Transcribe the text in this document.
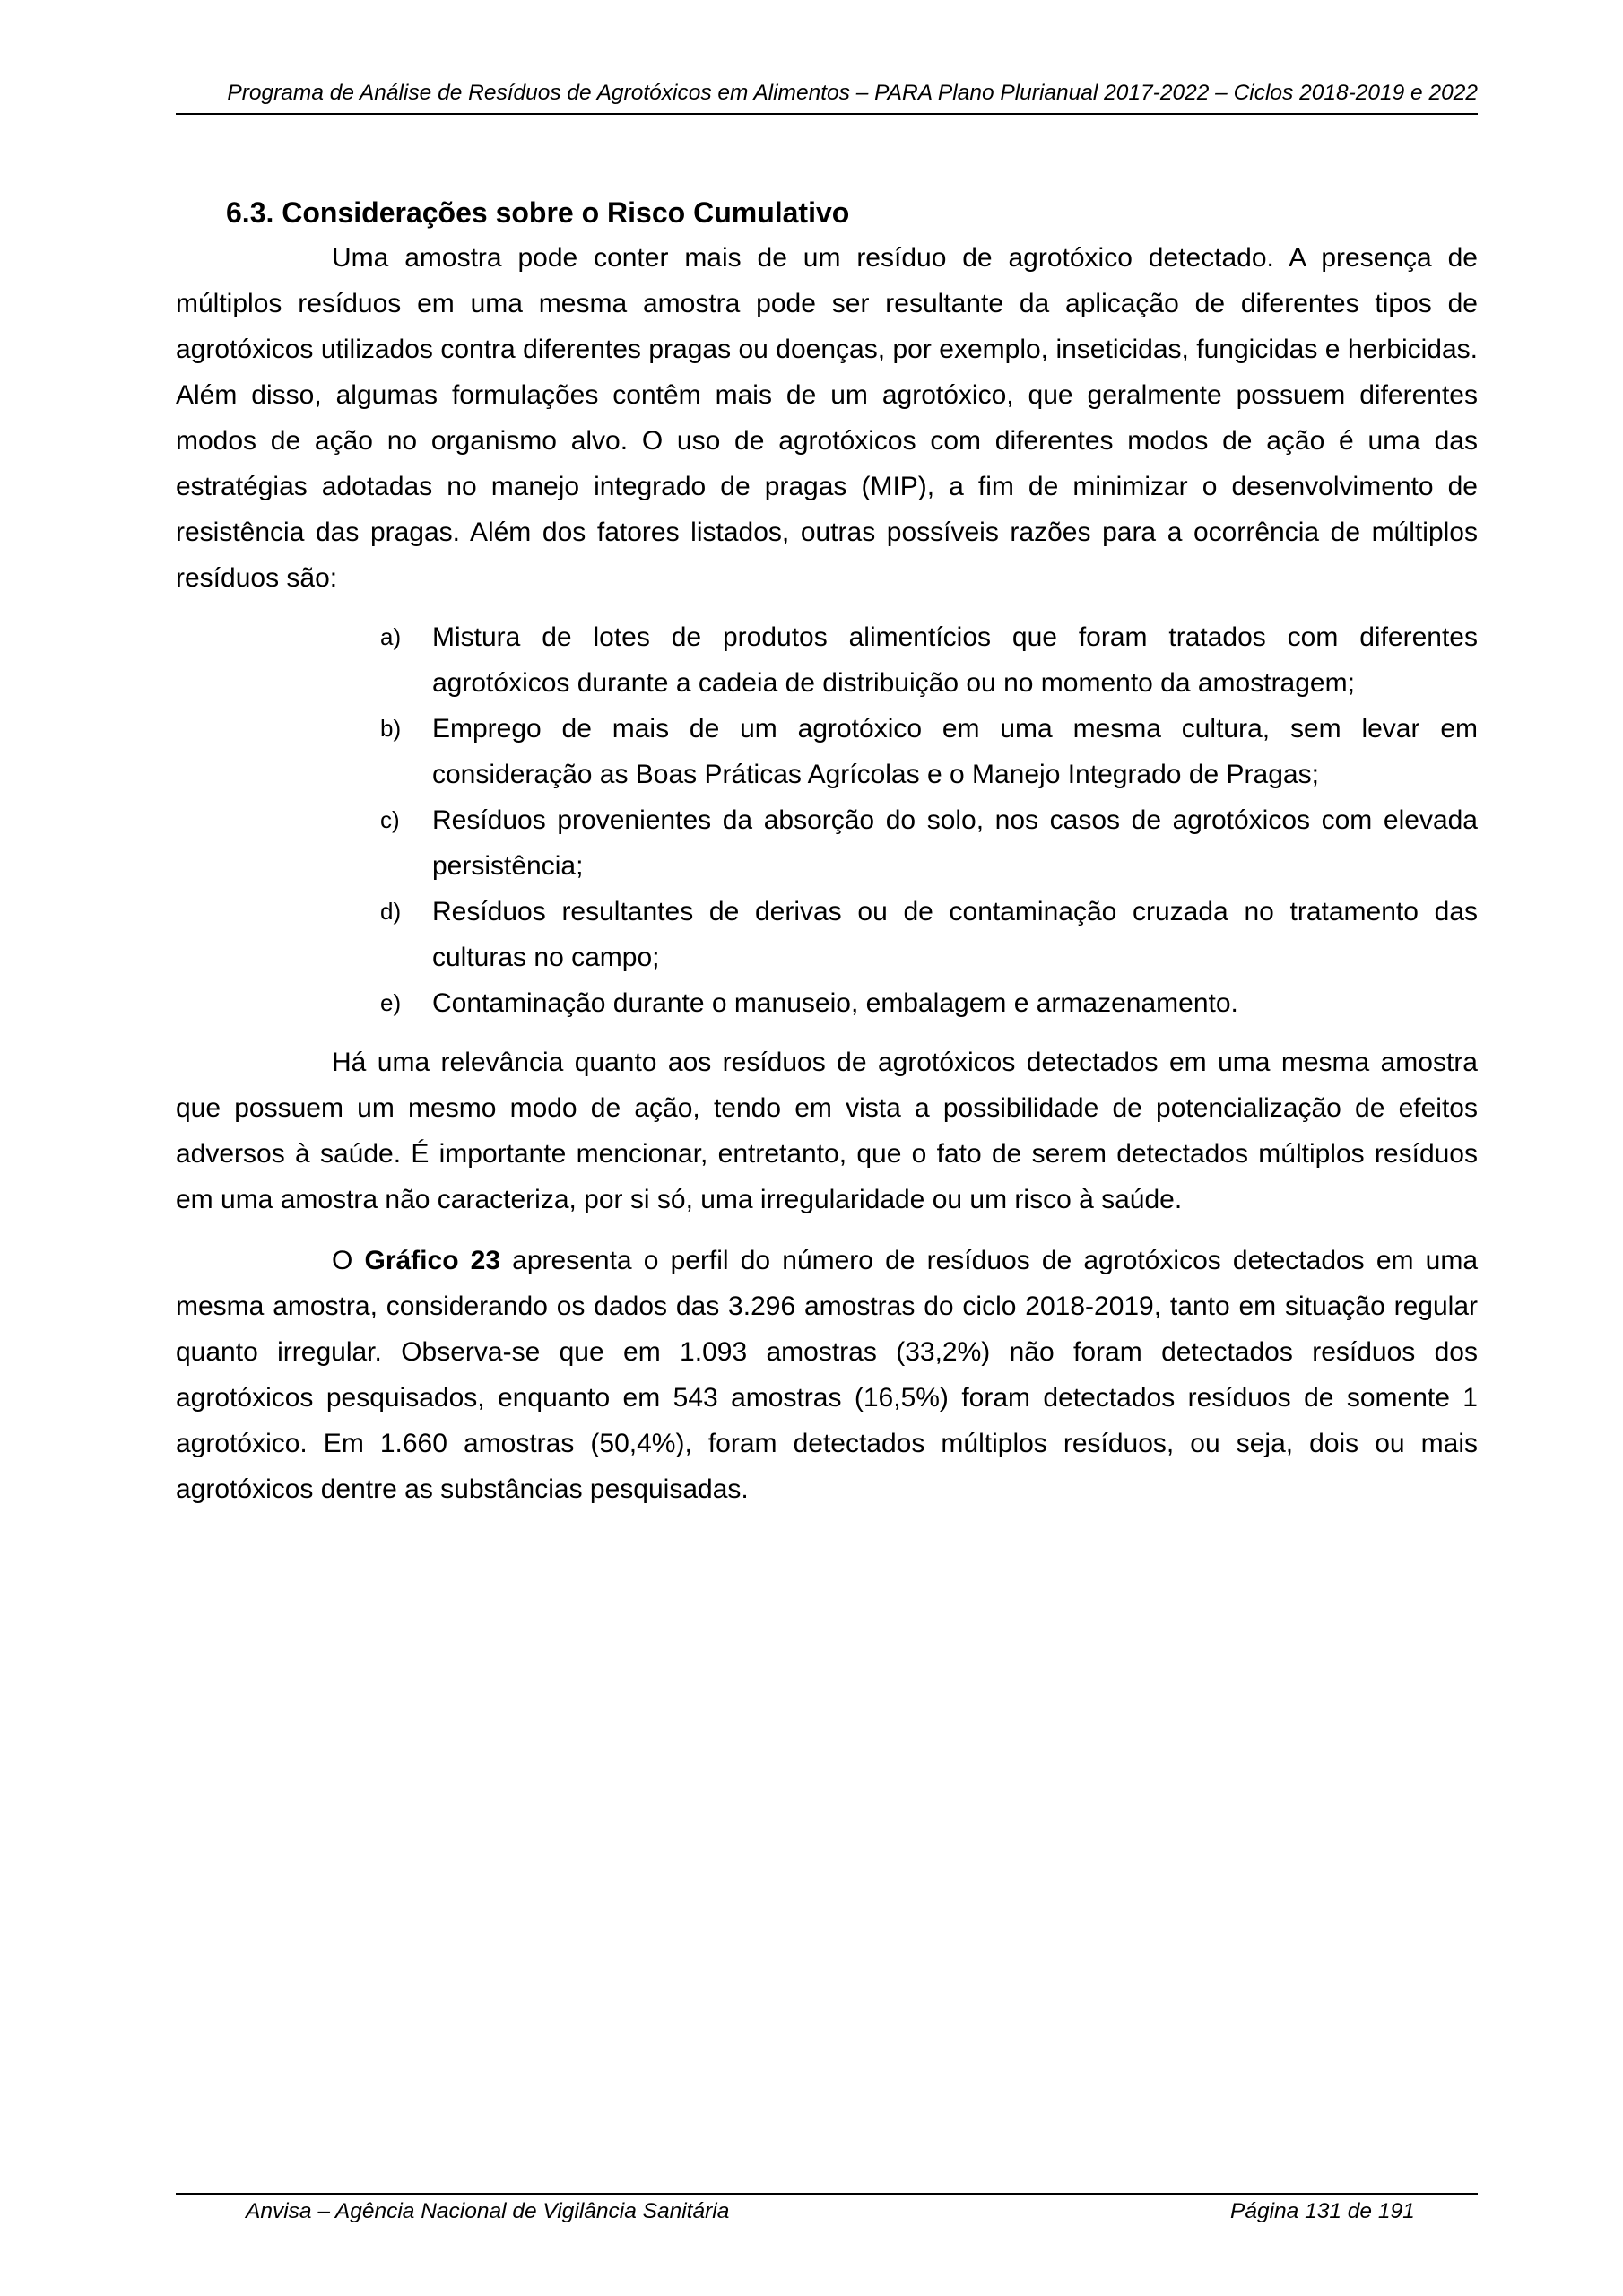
Programa de Análise de Resíduos de Agrotóxicos em Alimentos – PARA Plano Plurianual 2017-2022 – Ciclos 2018-2019 e 2022
6.3. Considerações sobre o Risco Cumulativo

Uma amostra pode conter mais de um resíduo de agrotóxico detectado. A presença de múltiplos resíduos em uma mesma amostra pode ser resultante da aplicação de diferentes tipos de agrotóxicos utilizados contra diferentes pragas ou doenças, por exemplo, inseticidas, fungicidas e herbicidas. Além disso, algumas formulações contêm mais de um agrotóxico, que geralmente possuem diferentes modos de ação no organismo alvo. O uso de agrotóxicos com diferentes modos de ação é uma das estratégias adotadas no manejo integrado de pragas (MIP), a fim de minimizar o desenvolvimento de resistência das pragas. Além dos fatores listados, outras possíveis razões para a ocorrência de múltiplos resíduos são:

a) Mistura de lotes de produtos alimentícios que foram tratados com diferentes agrotóxicos durante a cadeia de distribuição ou no momento da amostragem;
b) Emprego de mais de um agrotóxico em uma mesma cultura, sem levar em consideração as Boas Práticas Agrícolas e o Manejo Integrado de Pragas;
c) Resíduos provenientes da absorção do solo, nos casos de agrotóxicos com elevada persistência;
d) Resíduos resultantes de derivas ou de contaminação cruzada no tratamento das culturas no campo;
e) Contaminação durante o manuseio, embalagem e armazenamento.

Há uma relevância quanto aos resíduos de agrotóxicos detectados em uma mesma amostra que possuem um mesmo modo de ação, tendo em vista a possibilidade de potencialização de efeitos adversos à saúde. É importante mencionar, entretanto, que o fato de serem detectados múltiplos resíduos em uma amostra não caracteriza, por si só, uma irregularidade ou um risco à saúde.

O Gráfico 23 apresenta o perfil do número de resíduos de agrotóxicos detectados em uma mesma amostra, considerando os dados das 3.296 amostras do ciclo 2018-2019, tanto em situação regular quanto irregular. Observa-se que em 1.093 amostras (33,2%) não foram detectados resíduos dos agrotóxicos pesquisados, enquanto em 543 amostras (16,5%) foram detectados resíduos de somente 1 agrotóxico. Em 1.660 amostras (50,4%), foram detectados múltiplos resíduos, ou seja, dois ou mais agrotóxicos dentre as substâncias pesquisadas.

Anvisa – Agência Nacional de Vigilância Sanitária	Página 131 de 191
